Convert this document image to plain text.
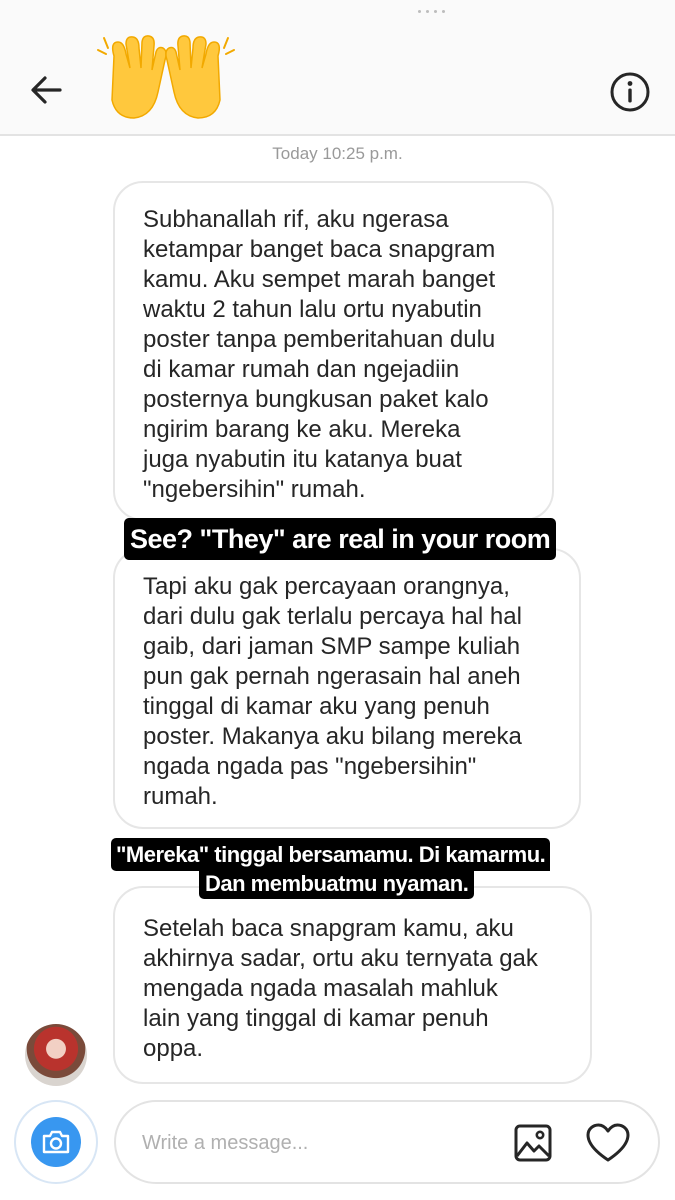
Today 10:25 p.m.
Subhanallah rif, aku ngerasa
ketampar banget baca snapgram
kamu. Aku sempet marah banget
waktu 2 tahun lalu ortu nyabutin
poster tanpa pemberitahuan dulu
di kamar rumah dan ngejadiin
posternya bungkusan paket kalo
ngirim barang ke aku. Mereka
juga nyabutin itu katanya buat
"ngebersihin" rumah.
Tapi aku gak percayaan orangnya,
dari dulu gak terlalu percaya hal hal
gaib, dari jaman SMP sampe kuliah
pun gak pernah ngerasain hal aneh
tinggal di kamar aku yang penuh
poster. Makanya aku bilang mereka
ngada ngada pas "ngebersihin"
rumah.
Setelah baca snapgram kamu, aku
akhirnya sadar, ortu aku ternyata gak
mengada ngada masalah mahluk
lain yang tinggal di kamar penuh
oppa.
See? "They" are real in your room
"Mereka" tinggal bersamamu. Di kamarmu.
Dan membuatmu nyaman.
Write a message...
